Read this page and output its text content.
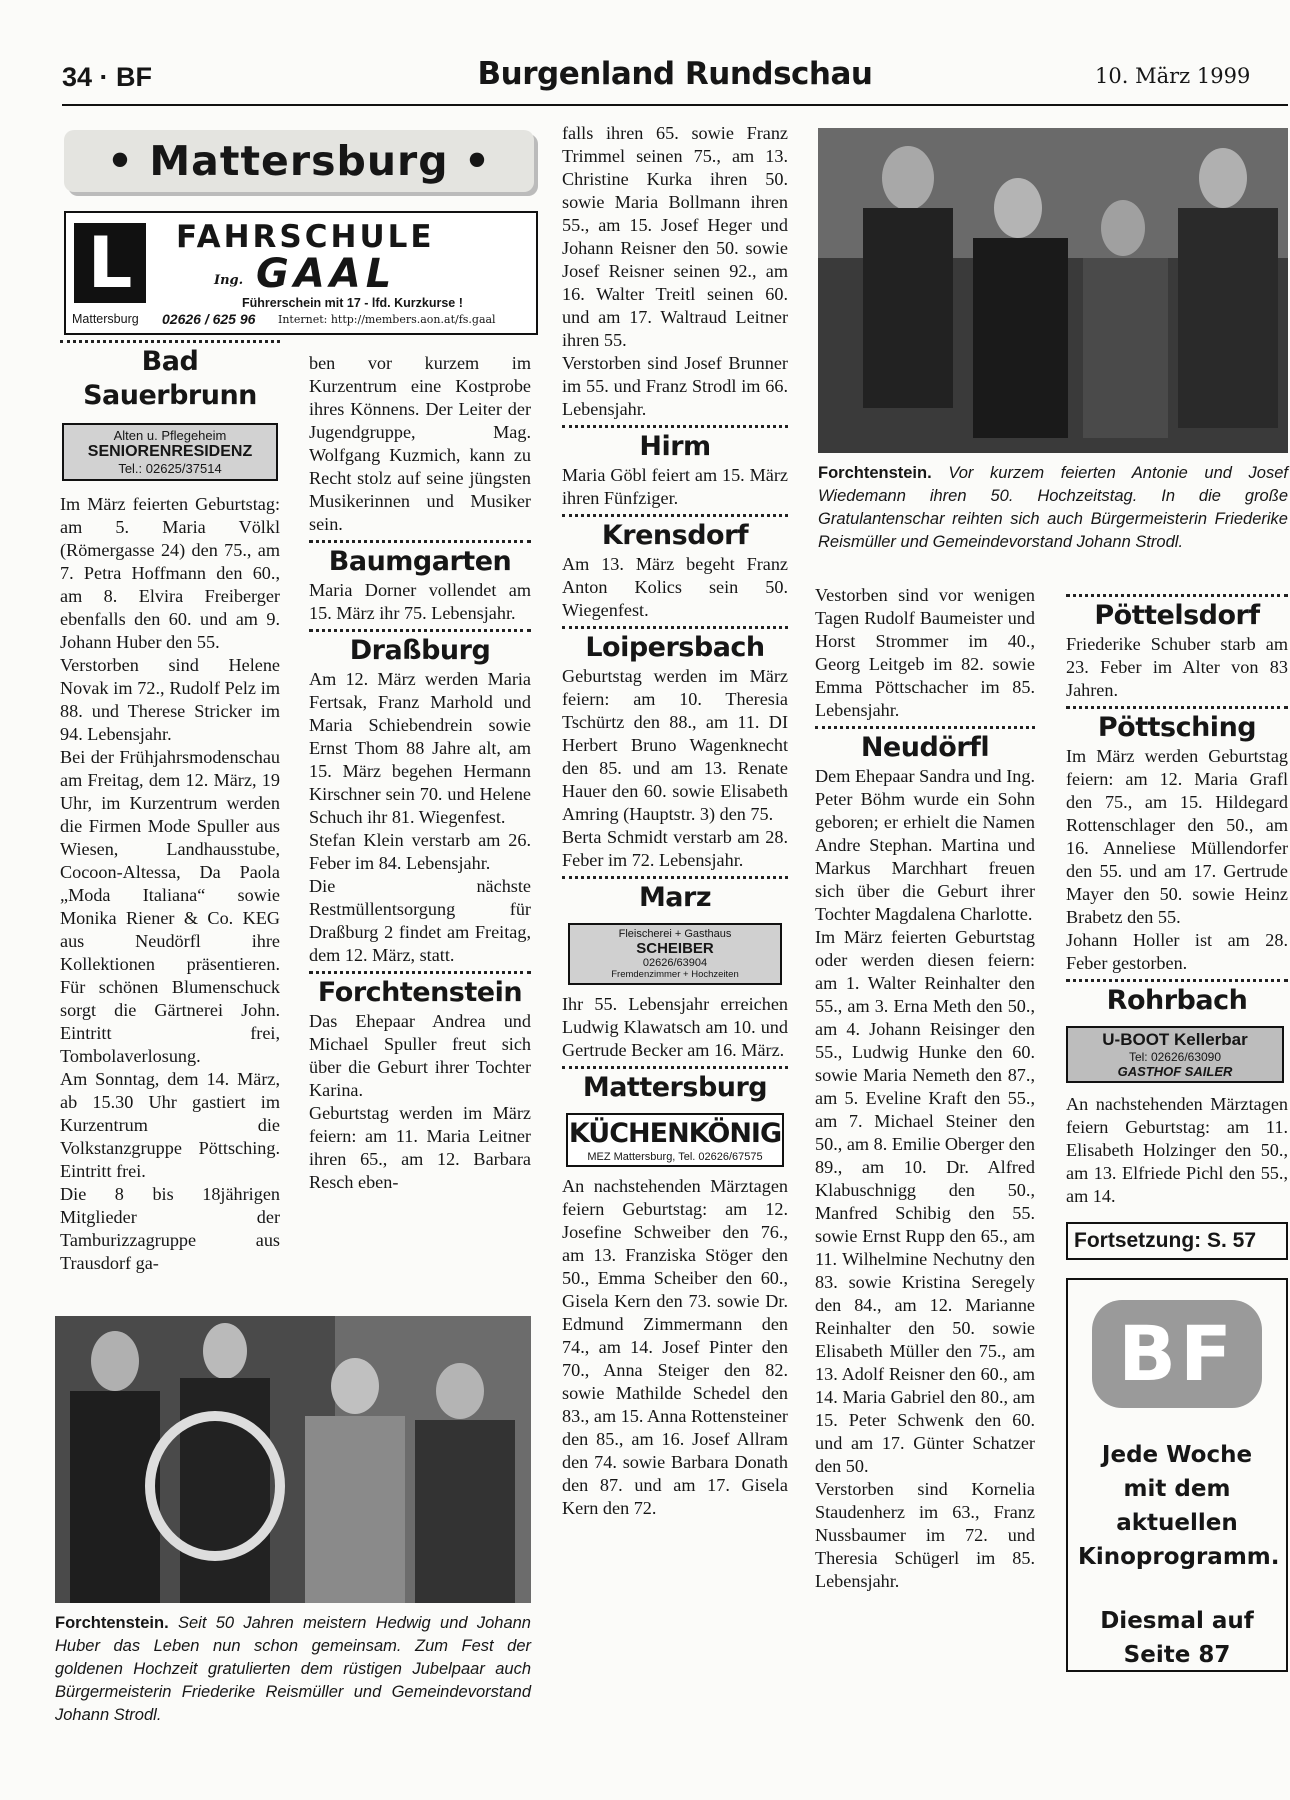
34 · BF	Burgenland Rundschau	10. März 1999
• Mattersburg •
L	FAHRSCHULE
Ing. GAAL
Führerschein mit 17 - lfd. Kurzkurse !
Mattersburg 02626 / 625 96 Internet: http://members.aon.at/fs.gaal
Bad Sauerbrunn
Alten u. Pflegeheim
SENIORENRESIDENZ
Tel.: 02625/37514

Im März feierten Geburtstag: am 5. Maria Völkl (Römergasse 24) den 75., am 7. Petra Hoffmann den 60., am 8. Elvira Freiberger ebenfalls den 60. und am 9. Johann Huber den 55.
Verstorben sind Helene Novak im 72., Rudolf Pelz im 88. und Therese Stricker im 94. Lebensjahr.
Bei der Frühjahrsmodenschau am Freitag, dem 12. März, 19 Uhr, im Kurzentrum werden die Firmen Mode Spuller aus Wiesen, Landhausstube, Cocoon-Altessa, Da Paola „Moda Italiana“ sowie Monika Riener & Co. KEG aus Neudörfl ihre Kollektionen präsentieren. Für schönen Blumenschuck sorgt die Gärtnerei John. Eintritt frei, Tombolaverlosung.
Am Sonntag, dem 14. März, ab 15.30 Uhr gastiert im Kurzentrum die Volkstanzgruppe Pöttsching. Eintritt frei.
Die 8 bis 18jährigen Mitglieder der Tamburizzagruppe aus Trausdorf ga-

ben vor kurzem im Kurzentrum eine Kostprobe ihres Könnens. Der Leiter der Jugendgruppe, Mag. Wolfgang Kuzmich, kann zu Recht stolz auf seine jüngsten Musikerinnen und Musiker sein.

Baumgarten

Maria Dorner vollendet am 15. März ihr 75. Lebensjahr.

Draßburg

Am 12. März werden Maria Fertsak, Franz Marhold und Maria Schiebendrein sowie Ernst Thom 88 Jahre alt, am 15. März begehen Hermann Kirschner sein 70. und Helene Schuch ihr 81. Wiegenfest.
Stefan Klein verstarb am 26. Feber im 84. Lebensjahr.
Die nächste Restmüllentsorgung für Draßburg 2 findet am Freitag, dem 12. März, statt.

Forchtenstein

Das Ehepaar Andrea und Michael Spuller freut sich über die Geburt ihrer Tochter Karina.
Geburtstag werden im März feiern: am 11. Maria Leitner ihren 65., am 12. Barbara Resch eben-

falls ihren 65. sowie Franz Trimmel seinen 75., am 13. Christine Kurka ihren 50. sowie Maria Bollmann ihren 55., am 15. Josef Heger und Johann Reisner den 50. sowie Josef Reisner seinen 92., am 16. Walter Treitl seinen 60. und am 17. Waltraud Leitner ihren 55.
Verstorben sind Josef Brunner im 55. und Franz Strodl im 66. Lebensjahr.

Hirm

Maria Göbl feiert am 15. März ihren Fünfziger.

Krensdorf

Am 13. März begeht Franz Anton Kolics sein 50. Wiegenfest.

Loipersbach

Geburtstag werden im März feiern: am 10. Theresia Tschürtz den 88., am 11. DI Herbert Bruno Wagenknecht den 85. und am 13. Renate Hauer den 60. sowie Elisabeth Amring (Hauptstr. 3) den 75.
Berta Schmidt verstarb am 28. Feber im 72. Lebensjahr.

Marz
Fleischerei + Gasthaus
SCHEIBER
02626/63904
Fremdenzimmer + Hochzeiten

Ihr 55. Lebensjahr erreichen Ludwig Klawatsch am 10. und Gertrude Becker am 16. März.

Mattersburg
KÜCHENKÖNIG
MEZ Mattersburg, Tel. 02626/67575

An nachstehenden Märztagen feiern Geburtstag: am 12. Josefine Schweiber den 76., am 13. Franziska Stöger den 50., Emma Scheiber den 60., Gisela Kern den 73. sowie Dr. Edmund Zimmermann den 74., am 14. Josef Pinter den 70., Anna Steiger den 82. sowie Mathilde Schedel den 83., am 15. Anna Rottensteiner den 85., am 16. Josef Allram den 74. sowie Barbara Donath den 87. und am 17. Gisela Kern den 72.

Forchtenstein. Vor kurzem feierten Antonie und Josef Wiedemann ihren 50. Hochzeitstag. In die große Gratulantenschar reihten sich auch Bürgermeisterin Friederike Reismüller und Gemeindevorstand Johann Strodl.

Vestorben sind vor wenigen Tagen Rudolf Baumeister und Horst Strommer im 40., Georg Leitgeb im 82. sowie Emma Pöttschacher im 85. Lebensjahr.

Neudörfl

Dem Ehepaar Sandra und Ing. Peter Böhm wurde ein Sohn geboren; er erhielt die Namen Andre Stephan. Martina und Markus Marchhart freuen sich über die Geburt ihrer Tochter Magdalena Charlotte.
Im März feierten Geburtstag oder werden diesen feiern: am 1. Walter Reinhalter den 55., am 3. Erna Meth den 50., am 4. Johann Reisinger den 55., Ludwig Hunke den 60. sowie Maria Nemeth den 87., am 5. Eveline Kraft den 55., am 7. Michael Steiner den 50., am 8. Emilie Oberger den 89., am 10. Dr. Alfred Klabuschnigg den 50., Manfred Schibig den 55. sowie Ernst Rupp den 65., am 11. Wilhelmine Nechutny den 83. sowie Kristina Seregely den 84., am 12. Marianne Reinhalter den 50. sowie Elisabeth Müller den 75., am 13. Adolf Reisner den 60., am 14. Maria Gabriel den 80., am 15. Peter Schwenk den 60. und am 17. Günter Schatzer den 50.
Verstorben sind Kornelia Staudenherz im 63., Franz Nussbaumer im 72. und Theresia Schügerl im 85. Lebensjahr.

Pöttelsdorf

Friederike Schuber starb am 23. Feber im Alter von 83 Jahren.

Pöttsching

Im März werden Geburtstag feiern: am 12. Maria Grafl den 75., am 15. Hildegard Rottenschlager den 50., am 16. Anneliese Müllendorfer den 55. und am 17. Gertrude Mayer den 50. sowie Heinz Brabetz den 55.
Johann Holler ist am 28. Feber gestorben.

Rohrbach
U-BOOT Kellerbar
Tel: 02626/63090
GASTHOF SAILER

An nachstehenden Märztagen feiern Geburtstag: am 11. Elisabeth Holzinger den 50., am 13. Elfriede Pichl den 55., am 14.

Fortsetzung: S. 57
BF
Jede Woche mit dem aktuellen Kinoprogramm.
Diesmal auf Seite 87
Forchtenstein. Seit 50 Jahren meistern Hedwig und Johann Huber das Leben nun schon gemeinsam. Zum Fest der goldenen Hochzeit gratulierten dem rüstigen Jubelpaar auch Bürgermeisterin Friederike Reismüller und Gemeindevorstand Johann Strodl.
